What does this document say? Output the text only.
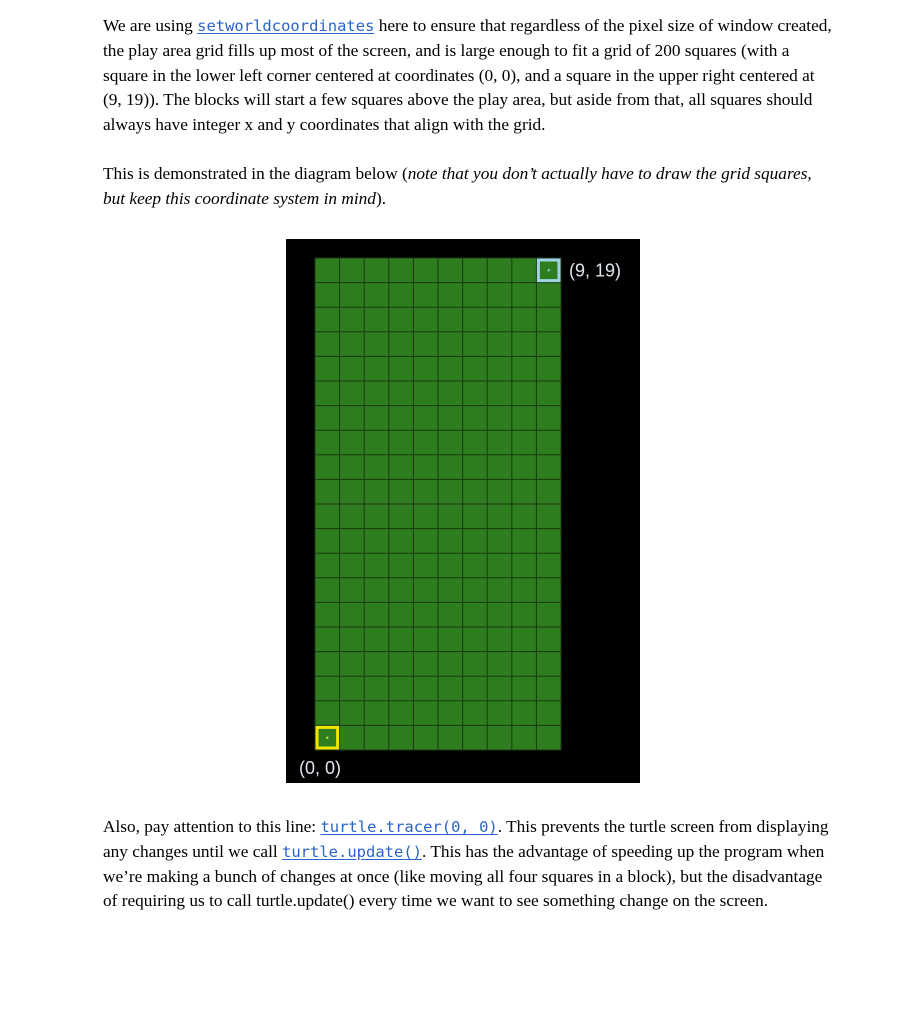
We are using setworldcoordinates here to ensure that regardless of the pixel size of window created, the play area grid fills up most of the screen, and is large enough to fit a grid of 200 squares (with a square in the lower left corner centered at coordinates (0, 0), and a square in the upper right centered at (9, 19)). The blocks will start a few squares above the play area, but aside from that, all squares should always have integer x and y coordinates that align with the grid.
This is demonstrated in the diagram below (note that you don’t actually have to draw the grid squares, but keep this coordinate system in mind).
(9, 19)
(0, 0)
Also, pay attention to this line: turtle.tracer(0, 0). This prevents the turtle screen from displaying any changes until we call turtle.update(). This has the advantage of speeding up the program when we’re making a bunch of changes at once (like moving all four squares in a block), but the disadvantage of requiring us to call turtle.update() every time we want to see something change on the screen.
